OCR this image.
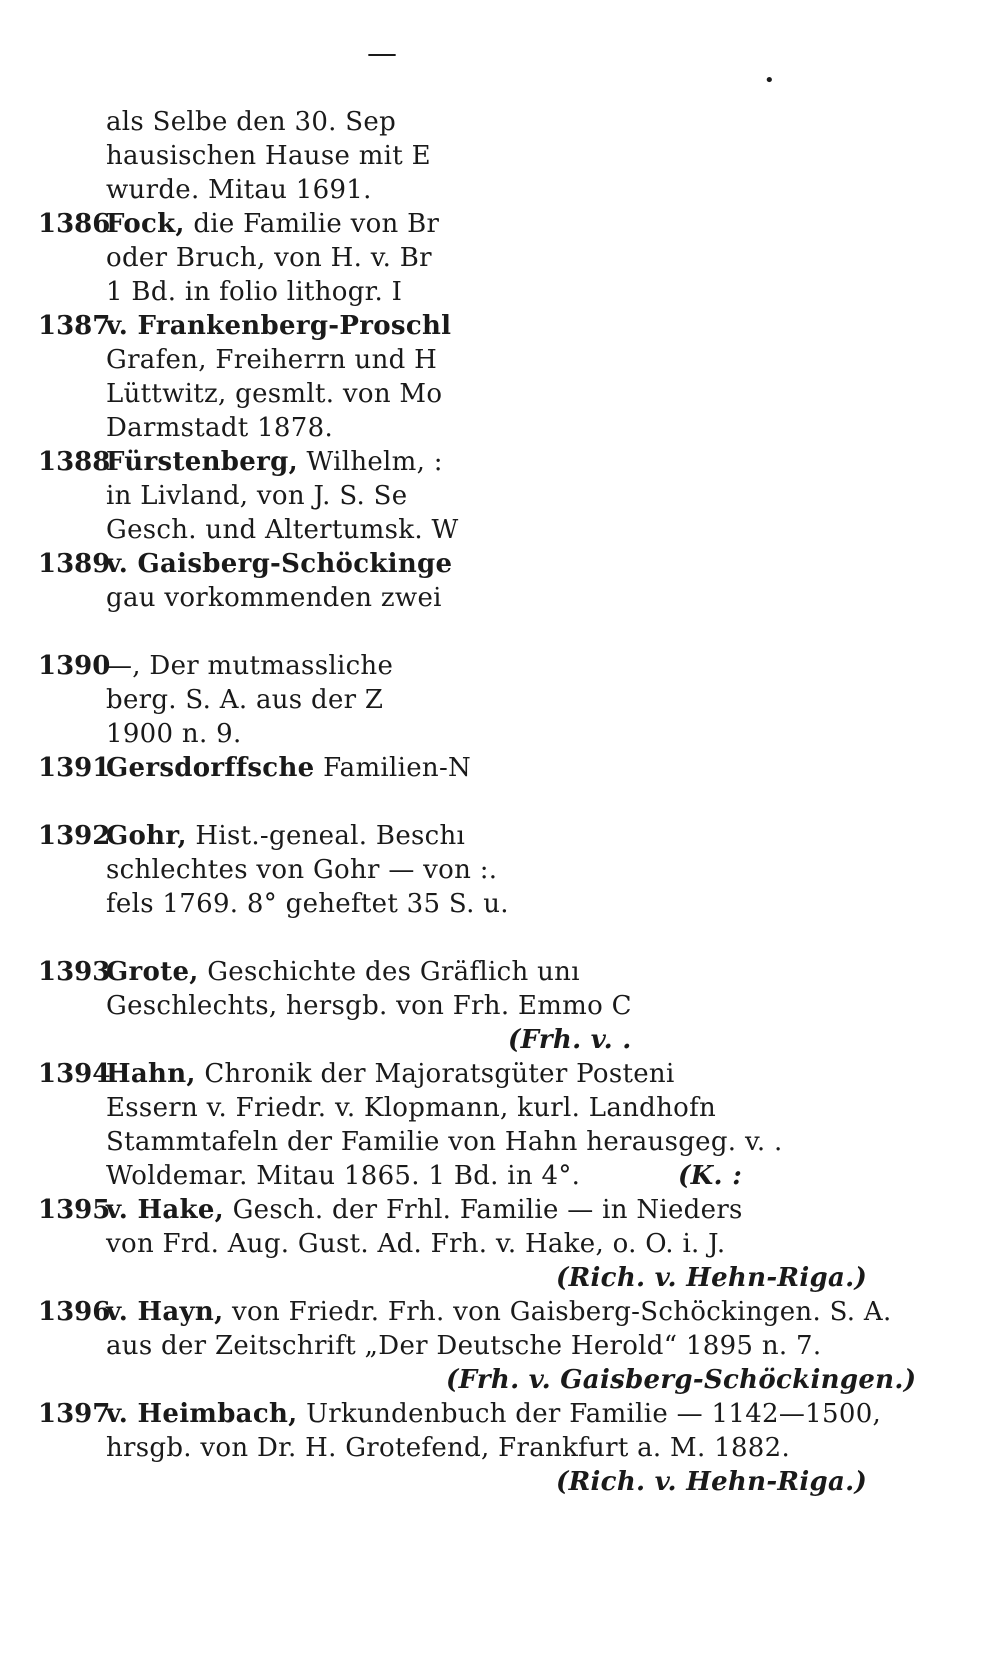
—
•
als Selbe den 30. Sep
hausischen Hause mit E
wurde. Mitau 1691.
1386
Fock, die Familie von Br
oder Bruch, von H. v. Br
1 Bd. in folio lithogr. I
1387
v. Frankenberg-Proschl
Grafen, Freiherrn und H
Lüttwitz, gesmlt. von Mo
Darmstadt 1878.
1388
Fürstenberg, Wilhelm, :
in Livland, von J. S. Se
Gesch. und Altertumsk. W
1389
v. Gaisberg-Schöckinge
gau vorkommenden zwei
1390
—, Der mutmassliche
berg. S. A. aus der Z
1900 n. 9.
1391
Gersdorffsche Familien-N
1392
Gohr, Hist.-geneal. Beschı
schlechtes von Gohr — von :.
fels 1769. 8° geheftet 35 S. u.
1393
Grote, Geschichte des Gräflich unı
Geschlechts, hersgb. von Frh. Emmo C
(Frh. v. .
1394
Hahn, Chronik der Majoratsgüter Posteni
Essern v. Friedr. v. Klopmann, kurl. Landhofn
Stammtafeln der Familie von Hahn herausgeg. v. .
Woldemar. Mitau 1865. 1 Bd. in 4°.	(K. :
1395
v. Hake, Gesch. der Frhl. Familie — in Nieders
von Frd. Aug. Gust. Ad. Frh. v. Hake, o. O. i. J.
(Rich. v. Hehn-Riga.)
1396
v. Hayn, von Friedr. Frh. von Gaisberg-Schöckingen. S. A.
aus der Zeitschrift „Der Deutsche Herold“ 1895 n. 7.
(Frh. v. Gaisberg-Schöckingen.)
1397
v. Heimbach, Urkundenbuch der Familie — 1142—1500,
hrsgb. von Dr. H. Grotefend, Frankfurt a. M. 1882.
(Rich. v. Hehn-Riga.)
